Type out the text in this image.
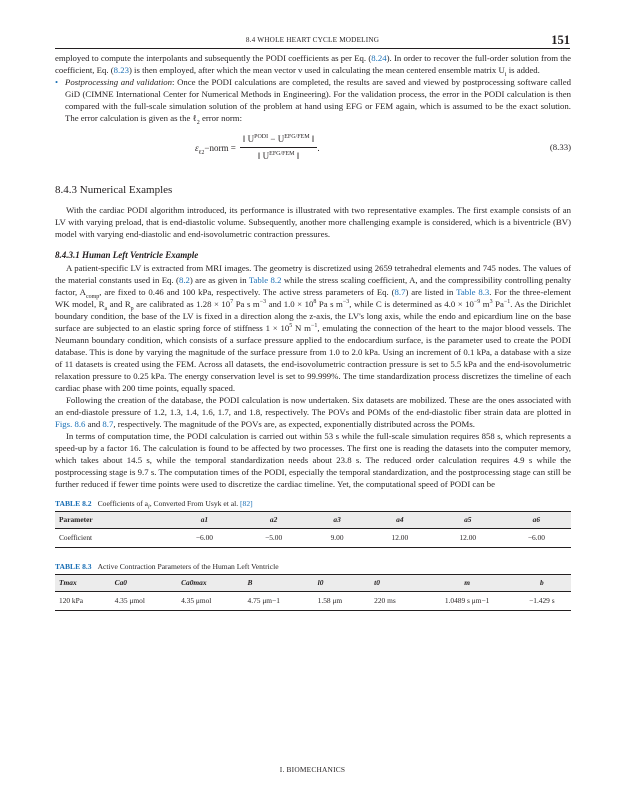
8.4 WHOLE HEART CYCLE MODELING	151

employed to compute the interpolants and subsequently the PODI coefficients as per Eq. (8.24). In order to recover the full-order solution from the coefficient, Eq. (8.23) is then employed, after which the mean vector v used in calculating the mean centered ensemble matrix $U_i$ is added.

• Postprocessing and validation: Once the PODI calculations are completed, the results are saved and viewed by postprocessing software called GiD (CIMNE International Center for Numerical Methods in Engineering). For the validation process, the error in the PODI calculation is then compared with the full-scale simulation solution of the problem at hand using EFG or FEM again, which is assumed to be the exact solution. The error calculation is given as the ℓ$_2$ error norm:
$\varepsilon_{\ell 2}-norm = \frac{‖ U^{PODI} - U^{EFG/FEM} ‖}{‖ U^{EFG/FEM} ‖}$ .	(8.33)
8.4.3 Numerical Examples

With the cardiac PODI algorithm introduced, its performance is illustrated with two representative examples. The first example consists of an LV with varying preload, that is end-diastolic volume. Subsequently, another more challenging example is considered, which is a biventricle (BV) model with varying end-diastolic and end-isovolumetric contraction pressures.

8.4.3.1 Human Left Ventricle Example

A patient-specific LV is extracted from MRI images. The geometry is discretized using 2659 tetrahedral elements and 745 nodes. The values of the material constants used in Eq. (8.2) are as given in Table 8.2 while the stress scaling coefficient, A, and the compressibility controlling penalty factor, $A_{comp}$, are fixed to 0.46 and 100 kPa, respectively. The active stress parameters of Eq. (8.7) are listed in Table 8.3. For the three-element WK model, $R_a$ and $R_p$ are calibrated as $1.28 \times 10^7$ Pa s $m^{-3}$ and $1.0 \times 10^8$ Pa s $m^{-3}$, while C is determined as $4.0 \times 10^{-9}$ $m^3$ $Pa^{-1}$. As the Dirichlet boundary condition, the base of the LV is fixed in a direction along the z-axis, the LV's long axis, while the endo and epicardium line on the base surface are subjected to an elastic spring force of stiffness $1 \times 10^5$ N $m^{-1}$, emulating the connection of the heart to the major blood vessels. The Neumann boundary condition, which consists of a surface pressure applied to the endocardium surface, is the parameter used to create the PODI database. This is done by varying the magnitude of the surface pressure from 1.0 to 2.0 kPa. Using an increment of 0.1 kPa, a database with a size of 11 datasets is created using the FEM. Across all datasets, the end-isovolumetric contraction pressure is set to 5.5 kPa and the end-isovolumetric relaxation pressure to 0.25 kPa. The energy conservation level is set to 99.999%. The time standardization process discretizes the timeline of each cardiac phase with 200 time points, equally spaced.

Following the creation of the database, the PODI calculation is now undertaken. Six datasets are mobilized. These are the ones associated with an end-diastole pressure of 1.2, 1.3, 1.4, 1.6, 1.7, and 1.8, respectively. The POVs and POMs of the end-diastolic fiber strain data are plotted in Figs. 8.6 and 8.7, respectively. The magnitude of the POVs are, as expected, exponentially distributed across the POMs.

In terms of computation time, the PODI calculation is carried out within 53 s while the full-scale simulation requires 858 s, which represents a speed-up by a factor 16. The calculation is found to be affected by two processes. The first one is reading the datasets into the computer memory, which takes about 14.5 s, while the temporal standardization needs about 23.8 s. The reduced order calculation requires 4.9 s while the postprocessing stage is 9.7 s. The computation times of the PODI, especially the temporal standardization, and the postprocessing stage can still be further reduced if fewer time points were used to discretize the cardiac timeline. Yet, the computational speed of PODI can be

TABLE 8.2 Coefficients of $a_i$, Converted From Usyk et al. [82]
Parameter	a1	a2	a3	a4	a5	a6
Coefficient	−6.00	−5.00	9.00	12.00	12.00	−6.00
TABLE 8.3 Active Contraction Parameters of the Human Left Ventricle
Tmax	Ca0	Ca0max	B	l0	t0	m	b
120 kPa	4.35 μmol	4.35 μmol	4.75 μm−1	1.58 μm	220 ms	1.0489 s μm−1	−1.429 s
I. BIOMECHANICS
